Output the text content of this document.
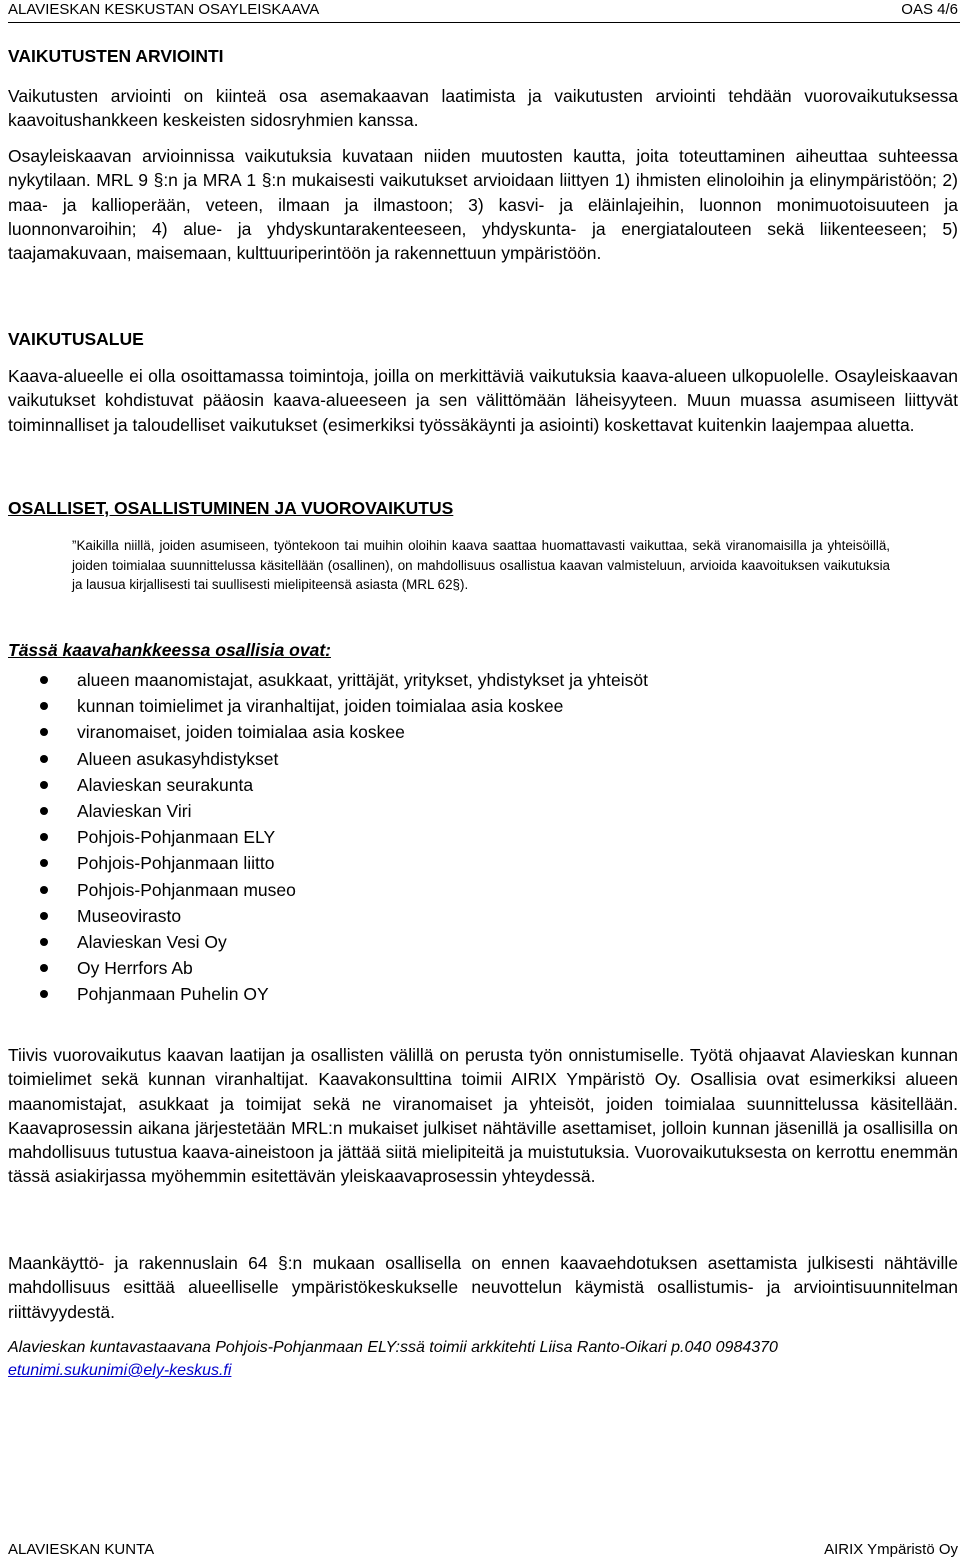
ALAVIESKAN KESKUSTAN OSAYLEISKAAVA	OAS 4/6
VAIKUTUSTEN ARVIOINTI

Vaikutusten arviointi on kiinteä osa asemakaavan laatimista ja vaikutusten arviointi tehdään vuorovaikutuksessa kaavoitushankkeen keskeisten sidosryhmien kanssa.

Osayleiskaavan arvioinnissa vaikutuksia kuvataan niiden muutosten kautta, joita toteuttaminen aiheuttaa suhteessa nykytilaan. MRL 9 §:n ja MRA 1 §:n mukaisesti vaikutukset arvioidaan liittyen 1) ihmisten elinoloihin ja elinympäristöön; 2) maa- ja kallioperään, veteen, ilmaan ja ilmastoon; 3) kasvi- ja eläinlajeihin, luonnon monimuotoisuuteen ja luonnonvaroihin; 4) alue- ja yhdyskuntarakenteeseen, yhdyskunta- ja energiatalouteen sekä liikenteeseen; 5) taajamakuvaan, maisemaan, kulttuuriperintöön ja rakennettuun ympäristöön.

VAIKUTUSALUE

Kaava-alueelle ei olla osoittamassa toimintoja, joilla on merkittäviä vaikutuksia kaava-alueen ulkopuolelle. Osayleiskaavan vaikutukset kohdistuvat pääosin kaava-alueeseen ja sen välittömään läheisyyteen. Muun muassa asumiseen liittyvät toiminnalliset ja taloudelliset vaikutukset (esimerkiksi työssäkäynti ja asiointi) koskettavat kuitenkin laajempaa aluetta.

OSALLISET, OSALLISTUMINEN JA VUOROVAIKUTUS
”Kaikilla niillä, joiden asumiseen, työntekoon tai muihin oloihin kaava saattaa huomattavasti vaikuttaa, sekä viranomaisilla ja yhteisöillä, joiden toimialaa suunnittelussa käsitellään (osallinen), on mahdollisuus osallistua kaavan valmisteluun, arvioida kaavoituksen vaikutuksia ja lausua kirjallisesti tai suullisesti mielipiteensä asiasta (MRL 62§).
Tässä kaavahankkeessa osallisia ovat:
alueen maanomistajat, asukkaat, yrittäjät, yritykset, yhdistykset ja yhteisöt
kunnan toimielimet ja viranhaltijat, joiden toimialaa asia koskee
viranomaiset, joiden toimialaa asia koskee
Alueen asukasyhdistykset
Alavieskan seurakunta
Alavieskan Viri
Pohjois-Pohjanmaan ELY
Pohjois-Pohjanmaan liitto
Pohjois-Pohjanmaan museo
Museovirasto
Alavieskan Vesi Oy
Oy Herrfors Ab
Pohjanmaan Puhelin OY

Tiivis vuorovaikutus kaavan laatijan ja osallisten välillä on perusta työn onnistumiselle. Työtä ohjaavat Alavieskan kunnan toimielimet sekä kunnan viranhaltijat. Kaavakonsulttina toimii AIRIX Ympäristö Oy. Osallisia ovat esimerkiksi alueen maanomistajat, asukkaat ja toimijat sekä ne viranomaiset ja yhteisöt, joiden toimialaa suunnittelussa käsitellään. Kaavaprosessin aikana järjestetään MRL:n mukaiset julkiset nähtäville asettamiset, jolloin kunnan jäsenillä ja osallisilla on mahdollisuus tutustua kaava-aineistoon ja jättää siitä mielipiteitä ja muistutuksia. Vuorovaikutuksesta on kerrottu enemmän tässä asiakirjassa myöhemmin esitettävän yleiskaavaprosessin yhteydessä.

Maankäyttö- ja rakennuslain 64 §:n mukaan osallisella on ennen kaavaehdotuksen asettamista julkisesti nähtäville mahdollisuus esittää alueelliselle ympäristökeskukselle neuvottelun käymistä osallistumis- ja arviointisuunnitelman riittävyydestä.

Alavieskan kuntavastaavana Pohjois-Pohjanmaan ELY:ssä toimii arkkitehti Liisa Ranto-Oikari p.040 0984370
etunimi.sukunimi@ely-keskus.fi
ALAVIESKAN KUNTA	AIRIX Ympäristö Oy
